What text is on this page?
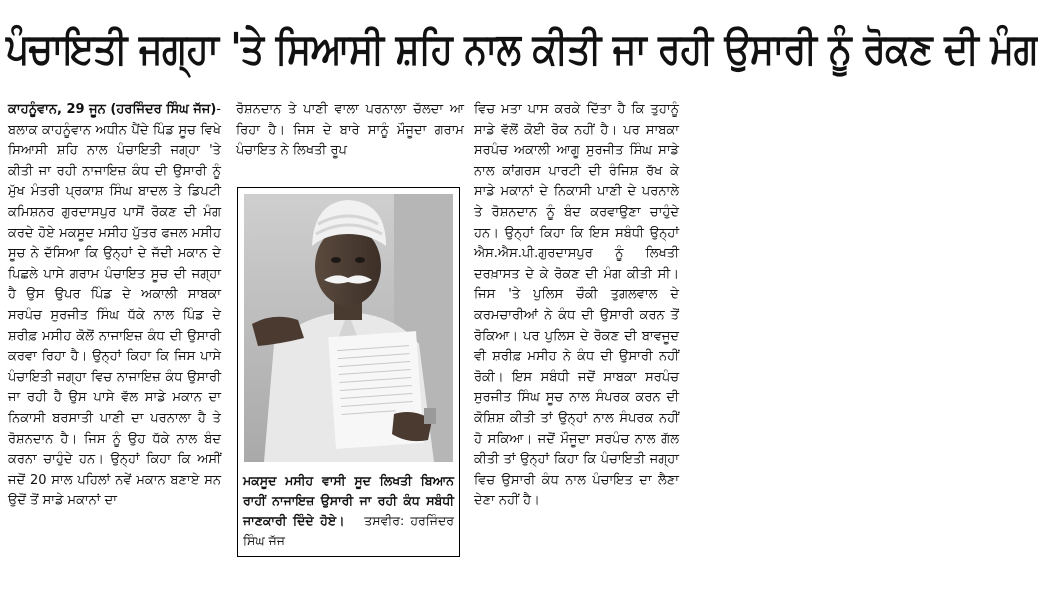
ਪੰਚਾਇਤੀ ਜਗ੍ਹਾ 'ਤੇ ਸਿਆਸੀ ਸ਼ਹਿ ਨਾਲ ਕੀਤੀ ਜਾ ਰਹੀ ਉਸਾਰੀ ਨੂੰ ਰੋਕਣ ਦੀ ਮੰਗ

ਕਾਹਨੂੰਵਾਨ, 29 ਜੂਨ (ਹਰਜਿੰਦਰ ਸਿੰਘ ਜੱਜ)-ਬਲਾਕ ਕਾਹਨੂੰਵਾਨ ਅਧੀਨ ਪੈਂਦੇ ਪਿੰਡ ਸੂਚ ਵਿਖੇ ਸਿਆਸੀ ਸ਼ਹਿ ਨਾਲ ਪੰਚਾਇਤੀ ਜਗ੍ਹਾ 'ਤੇ ਕੀਤੀ ਜਾ ਰਹੀ ਨਾਜਾਇਜ਼ ਕੰਧ ਦੀ ਉਸਾਰੀ ਨੂੰ ਮੁੱਖ ਮੰਤਰੀ ਪ੍ਰਕਾਸ਼ ਸਿੰਘ ਬਾਦਲ ਤੇ ਡਿਪਟੀ ਕਮਿਸ਼ਨਰ ਗੁਰਦਾਸਪੁਰ ਪਾਸੋਂ ਰੋਕਣ ਦੀ ਮੰਗ ਕਰਦੇ ਹੋਏ ਮਕਸੂਦ ਮਸੀਹ ਪੁੱਤਰ ਫਜਲ ਮਸੀਹ ਸੂਚ ਨੇ ਦੱਸਿਆ ਕਿ ਉਨ੍ਹਾਂ ਦੇ ਜੱਦੀ ਮਕਾਨ ਦੇ ਪਿਛਲੇ ਪਾਸੇ ਗਰਾਮ ਪੰਚਾਇਤ ਸੂਚ ਦੀ ਜਗ੍ਹਾ ਹੈ ਉਸ ਉਪਰ ਪਿੰਡ ਦੇ ਅਕਾਲੀ ਸਾਬਕਾ ਸਰਪੰਚ ਸੁਰਜੀਤ ਸਿੰਘ ਧੱਕੇ ਨਾਲ ਪਿੰਡ ਦੇ ਸ਼ਰੀਫ਼ ਮਸੀਹ ਕੋਲੋਂ ਨਾਜਾਇਜ਼ ਕੰਧ ਦੀ ਉਸਾਰੀ ਕਰਵਾ ਰਿਹਾ ਹੈ। ਉਨ੍ਹਾਂ ਕਿਹਾ ਕਿ ਜਿਸ ਪਾਸੇ ਪੰਚਾਇਤੀ ਜਗ੍ਹਾ ਵਿਚ ਨਾਜਾਇਜ਼ ਕੰਧ ਉਸਾਰੀ ਜਾ ਰਹੀ ਹੈ ਉਸ ਪਾਸੇ ਵੱਲ ਸਾਡੇ ਮਕਾਨ ਦਾ ਨਿਕਾਸੀ ਬਰਸਾਤੀ ਪਾਣੀ ਦਾ ਪਰਨਾਲਾ ਹੈ ਤੇ ਰੋਸ਼ਨਦਾਨ ਹੈ। ਜਿਸ ਨੂੰ ਉਹ ਧੱਕੇ ਨਾਲ ਬੰਦ ਕਰਨਾ ਚਾਹੁੰਦੇ ਹਨ। ਉਨ੍ਹਾਂ ਕਿਹਾ ਕਿ ਅਸੀਂ ਜਦੋਂ 20 ਸਾਲ ਪਹਿਲਾਂ ਨਵੇਂ ਮਕਾਨ ਬਣਾਏ ਸਨ ਉਦੋਂ ਤੋਂ ਸਾਡੇ ਮਕਾਨਾਂ ਦਾ

ਰੋਸ਼ਨਦਾਨ ਤੇ ਪਾਣੀ ਵਾਲਾ ਪਰਨਾਲਾ ਚੱਲਦਾ ਆ ਰਿਹਾ ਹੈ। ਜਿਸ ਦੇ ਬਾਰੇ ਸਾਨੂੰ ਮੌਜੂਦਾ ਗਰਾਮ ਪੰਚਾਇਤ ਨੇ ਲਿਖਤੀ ਰੂਪ

ਮਕਸੂਦ ਮਸੀਹ ਵਾਸੀ ਸੂਦ ਲਿਖਤੀ ਬਿਆਨ ਰਾਹੀਂ ਨਾਜਾਇਜ਼ ਉਸਾਰੀ ਜਾ ਰਹੀ ਕੰਧ ਸਬੰਧੀ ਜਾਣਕਾਰੀ ਦਿੰਦੇ ਹੋਏ। ਤਸਵੀਰ: ਹਰਜਿੰਦਰ ਸਿੰਘ ਜੱਜ

ਵਿਚ ਮਤਾ ਪਾਸ ਕਰਕੇ ਦਿੱਤਾ ਹੈ ਕਿ ਤੁਹਾਨੂੰ ਸਾਡੇ ਵੱਲੋਂ ਕੋਈ ਰੋਕ ਨਹੀਂ ਹੈ। ਪਰ ਸਾਬਕਾ ਸਰਪੰਚ ਅਕਾਲੀ ਆਗੂ ਸੁਰਜੀਤ ਸਿੰਘ ਸਾਡੇ ਨਾਲ ਕਾਂਗਰਸ ਪਾਰਟੀ ਦੀ ਰੰਜਿਸ਼ ਰੱਖ ਕੇ ਸਾਡੇ ਮਕਾਨਾਂ ਦੇ ਨਿਕਾਸੀ ਪਾਣੀ ਦੇ ਪਰਨਾਲੇ ਤੇ ਰੋਸ਼ਨਦਾਨ ਨੂੰ ਬੰਦ ਕਰਵਾਉਣਾ ਚਾਹੁੰਦੇ ਹਨ। ਉਨ੍ਹਾਂ ਕਿਹਾ ਕਿ ਇਸ ਸਬੰਧੀ ਉਨ੍ਹਾਂ ਐਸ.ਐਸ.ਪੀ.ਗੁਰਦਾਸਪੁਰ ਨੂੰ ਲਿਖਤੀ ਦਰਖ਼ਾਸਤ ਦੇ ਕੇ ਰੋਕਣ ਦੀ ਮੰਗ ਕੀਤੀ ਸੀ। ਜਿਸ 'ਤੇ ਪੁਲਿਸ ਚੌਕੀ ਤੁਗਲਵਾਲ ਦੇ ਕਰਮਚਾਰੀਆਂ ਨੇ ਕੰਧ ਦੀ ਉਸਾਰੀ ਕਰਨ ਤੋਂ ਰੋਕਿਆ। ਪਰ ਪੁਲਿਸ ਦੇ ਰੋਕਣ ਦੀ ਬਾਵਜੂਦ ਵੀ ਸ਼ਰੀਫ਼ ਮਸੀਹ ਨੇ ਕੰਧ ਦੀ ਉਸਾਰੀ ਨਹੀਂ ਰੋਕੀ। ਇਸ ਸਬੰਧੀ ਜਦੋਂ ਸਾਬਕਾ ਸਰਪੰਚ ਸੁਰਜੀਤ ਸਿੰਘ ਸੂਚ ਨਾਲ ਸੰਪਰਕ ਕਰਨ ਦੀ ਕੋਸ਼ਿਸ਼ ਕੀਤੀ ਤਾਂ ਉਨ੍ਹਾਂ ਨਾਲ ਸੰਪਰਕ ਨਹੀਂ ਹੋ ਸਕਿਆ। ਜਦੋਂ ਮੌਜੂਦਾ ਸਰਪੰਚ ਨਾਲ ਗੱਲ ਕੀਤੀ ਤਾਂ ਉਨ੍ਹਾਂ ਕਿਹਾ ਕਿ ਪੰਚਾਇਤੀ ਜਗ੍ਹਾ ਵਿਚ ਉਸਾਰੀ ਕੰਧ ਨਾਲ ਪੰਚਾਇਤ ਦਾ ਲੈਣਾ ਦੇਣਾ ਨਹੀਂ ਹੈ।
